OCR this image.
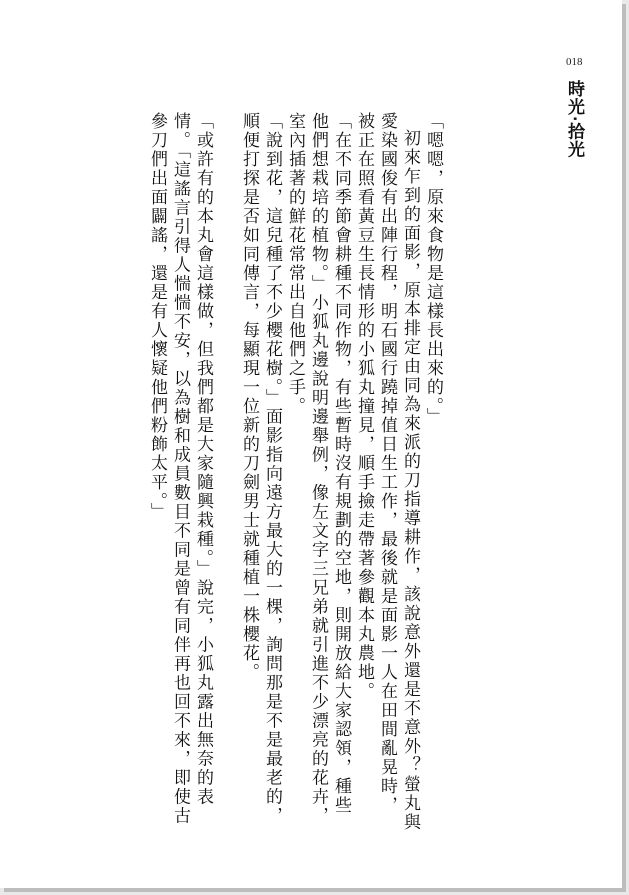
018
時光‧拾光

「嗯嗯，原來食物是這樣長出來的。」

初來乍到的面影，原本排定由同為來派的刀指導耕作，該說意外還是不意外？螢丸與愛染國俊有出陣行程，明石國行蹺掉值日生工作，最後就是面影一人在田間亂晃時，被正在照看黃豆生長情形的小狐丸撞見，順手撿走帶著參觀本丸農地。

「在不同季節會耕種不同作物，有些暫時沒有規劃的空地，則開放給大家認領，種些他們想栽培的植物。」小狐丸邊說明邊舉例，像左文字三兄弟就引進不少漂亮的花卉，室內插著的鮮花常常出自他們之手。

「說到花，這兒種了不少櫻花樹。」面影指向遠方最大的一棵，詢問那是不是最老的，順便打探是否如同傳言，每顯現一位新的刀劍男士就種植一株櫻花。

「或許有的本丸會這樣做，但我們都是大家隨興栽種。」說完，小狐丸露出無奈的表情。「這謠言引得人惴惴不安，以為樹和成員數目不同是曾有同伴再也回不來，即使古參刀們出面闢謠，還是有人懷疑他們粉飾太平。」
